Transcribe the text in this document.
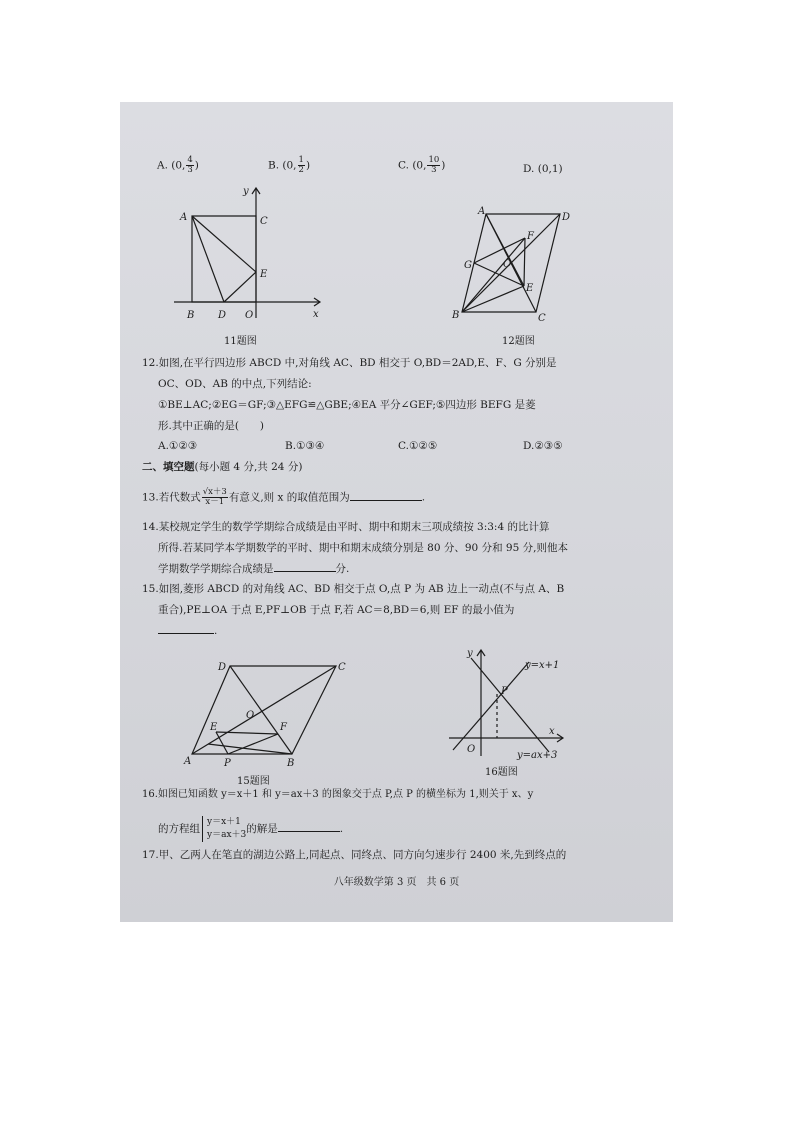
A. (0, $\frac{4}{3}$ )	B. (0, $\frac{1}{2}$ )	C. (0, $\frac{10}{3}$ )	D. (0,1)
A
B
C
D
E
O	x
y
11题图
A
B	C
D
E
F
G	O
12题图
12.如图,在平行四边形 ABCD 中,对角线 AC、BD 相交于 O,BD＝2AD,E、F、G 分别是
OC、OD、AB 的中点,下列结论:
①BE⊥AC;②EG＝GF;③△EFG≌△GBE;④EA 平分∠GEF;⑤四边形 BEFG 是菱
形.其中正确的是(　　)
A.①②③	B.①③④	C.①②⑤	D.②③⑤
二、填空题(每小题 4 分,共 24 分)
13.若代数式 $\frac{√x+3}{x-1}$ 有意义,则 x 的取值范围为	.
14.某校规定学生的数学学期综合成绩是由平时、期中和期末三项成绩按 3:3:4 的比计算
所得.若某同学本学期数学的平时、期中和期末成绩分别是 80 分、90 分和 95 分,则他本
学期数学学期综合成绩是	分.
15.如图,菱形 ABCD 的对角线 AC、BD 相交于点 O,点 P 为 AB 边上一动点(不与点 A、B
重合),PE⊥OA 于点 E,PF⊥OB 于点 F,若 AC＝8,BD＝6,则 EF 的最小值为
.
D	C
A	B
O
F
E
P
15题图
y
x
O
P
y=x+1
y=ax+3
16题图
16.如图已知函数 y＝x＋1 和 y＝ax＋3 的图象交于点 P,点 P 的横坐标为 1,则关于 x、y
的方程组
y＝x＋1
y＝ax＋3 的解是	.
17.甲、乙两人在笔直的湖边公路上,同起点、同终点、同方向匀速步行 2400 米,先到终点的
八年级数学第 3 页　共 6 页
